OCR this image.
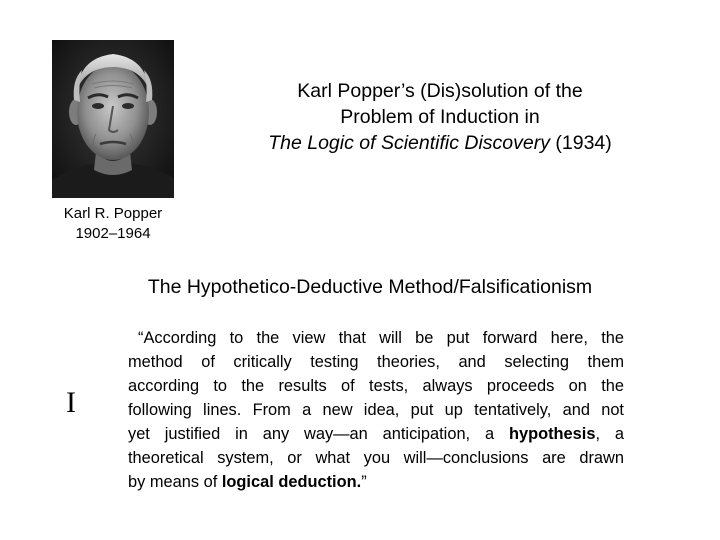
Karl R. Popper
1902–1964
Karl Popper’s (Dis)solution of the
Problem of Induction in
The Logic of Scientific Discovery (1934)
The Hypothetico-Deductive Method/Falsificationism
I
“According to the view that will be put forward here, the
method of critically testing theories, and selecting them
according to the results of tests, always proceeds on the
following lines. From a new idea, put up tentatively, and not
yet justified in any way—an anticipation, a hypothesis, a
theoretical system, or what you will—conclusions are drawn
by means of logical deduction.”
